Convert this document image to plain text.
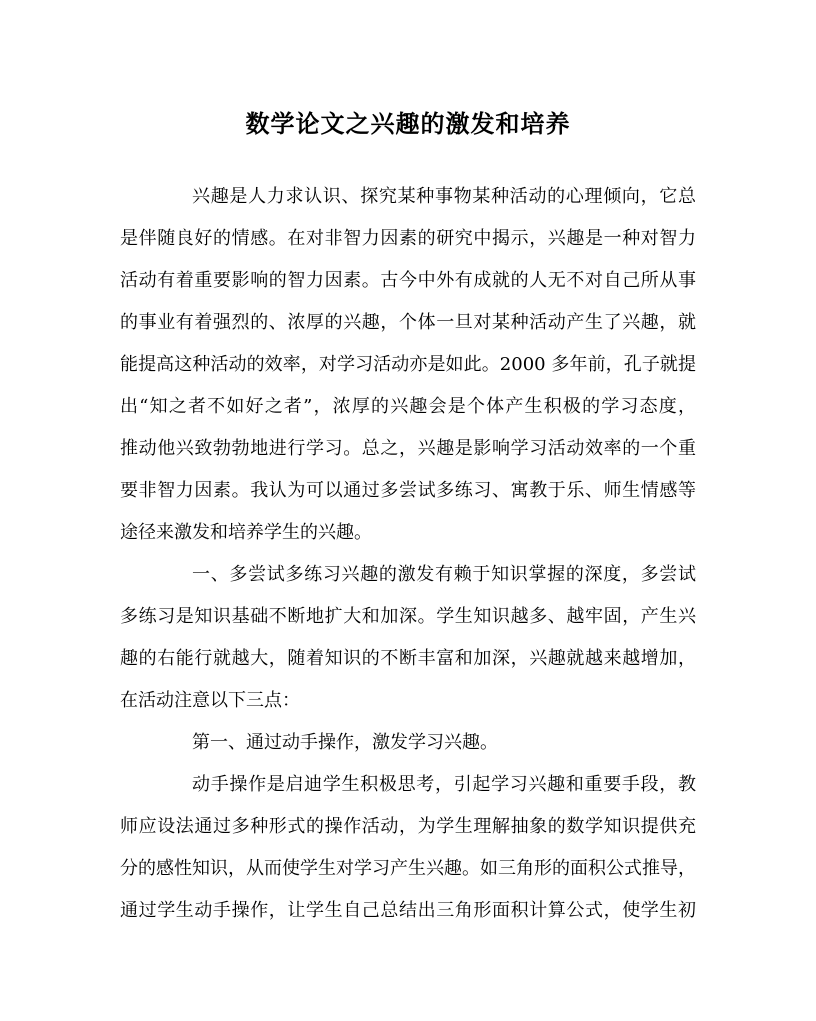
数学论文之兴趣的激发和培养
兴趣是人力求认识、探究某种事物某种活动的心理倾向，它总
是伴随良好的情感。在对非智力因素的研究中揭示，兴趣是一种对智力
活动有着重要影响的智力因素。古今中外有成就的人无不对自己所从事
的事业有着强烈的、浓厚的兴趣，个体一旦对某种活动产生了兴趣，就
能提高这种活动的效率，对学习活动亦是如此。2000 多年前，孔子就提
出“知之者不如好之者”，浓厚的兴趣会是个体产生积极的学习态度，
推动他兴致勃勃地进行学习。总之，兴趣是影响学习活动效率的一个重
要非智力因素。我认为可以通过多尝试多练习、寓教于乐、师生情感等
途径来激发和培养学生的兴趣。
一、多尝试多练习兴趣的激发有赖于知识掌握的深度，多尝试
多练习是知识基础不断地扩大和加深。学生知识越多、越牢固，产生兴
趣的右能行就越大，随着知识的不断丰富和加深，兴趣就越来越增加，
在活动注意以下三点：
第一、通过动手操作，激发学习兴趣。
动手操作是启迪学生积极思考，引起学习兴趣和重要手段，教
师应设法通过多种形式的操作活动，为学生理解抽象的数学知识提供充
分的感性知识，从而使学生对学习产生兴趣。如三角形的面积公式推导，
通过学生动手操作，让学生自己总结出三角形面积计算公式，使学生初
